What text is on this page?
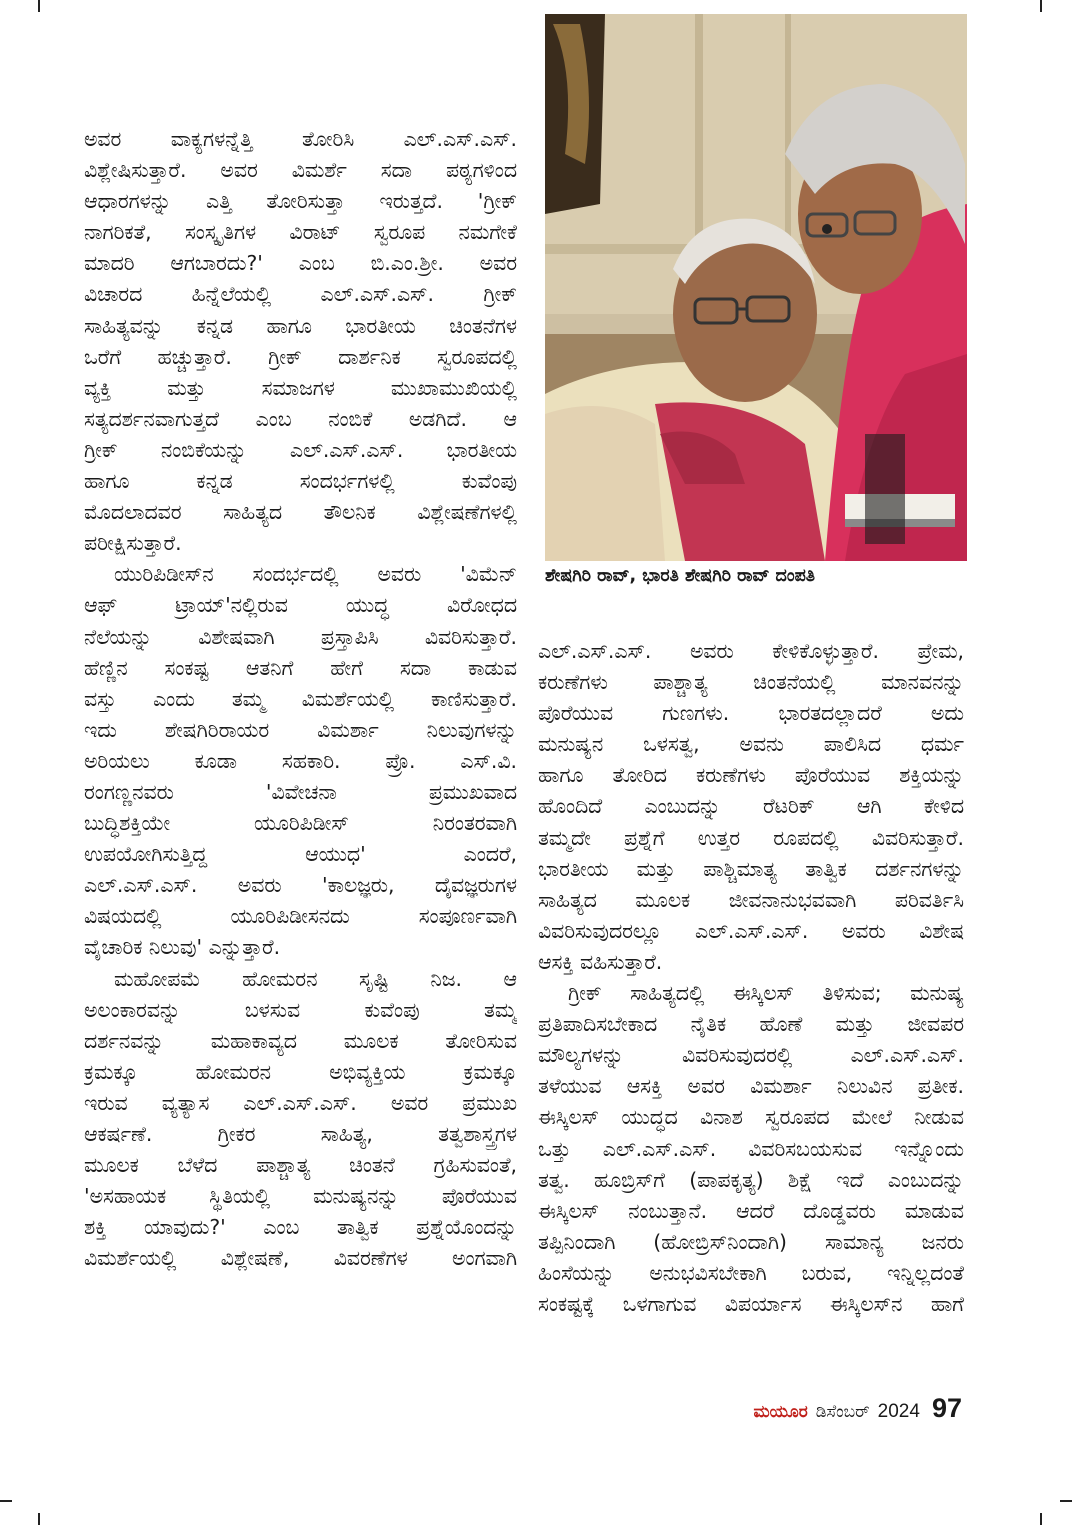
ಅವರ ವಾಕ್ಯಗಳನ್ನೆತ್ತಿ ತೋರಿಸಿ ಎಲ್.ಎಸ್.ಎಸ್.
ವಿಶ್ಲೇಷಿಸುತ್ತಾರೆ. ಅವರ ವಿಮರ್ಶೆ ಸದಾ ಪಠ್ಯಗಳಿಂದ
ಆಧಾರಗಳನ್ನು ಎತ್ತಿ ತೋರಿಸುತ್ತಾ ಇರುತ್ತದೆ. 'ಗ್ರೀಕ್
ನಾಗರಿಕತೆ, ಸಂಸ್ಕೃತಿಗಳ ವಿರಾಟ್ ಸ್ವರೂಪ ನಮಗೇಕೆ
ಮಾದರಿ ಆಗಬಾರದು?' ಎಂಬ ಬಿ.ಎಂ.ಶ್ರೀ. ಅವರ
ವಿಚಾರದ ಹಿನ್ನೆಲೆಯಲ್ಲಿ ಎಲ್.ಎಸ್.ಎಸ್. ಗ್ರೀಕ್
ಸಾಹಿತ್ಯವನ್ನು ಕನ್ನಡ ಹಾಗೂ ಭಾರತೀಯ ಚಿಂತನೆಗಳ
ಒರೆಗೆ ಹಚ್ಚುತ್ತಾರೆ. ಗ್ರೀಕ್ ದಾರ್ಶನಿಕ ಸ್ವರೂಪದಲ್ಲಿ
ವ್ಯಕ್ತಿ ಮತ್ತು ಸಮಾಜಗಳ ಮುಖಾಮುಖಿಯಲ್ಲಿ
ಸತ್ಯದರ್ಶನವಾಗುತ್ತದೆ ಎಂಬ ನಂಬಿಕೆ ಅಡಗಿದೆ. ಆ
ಗ್ರೀಕ್ ನಂಬಿಕೆಯನ್ನು ಎಲ್.ಎಸ್.ಎಸ್. ಭಾರತೀಯ
ಹಾಗೂ ಕನ್ನಡ ಸಂದರ್ಭಗಳಲ್ಲಿ ಕುವೆಂಪು
ಮೊದಲಾದವರ ಸಾಹಿತ್ಯದ ತೌಲನಿಕ ವಿಶ್ಲೇಷಣೆಗಳಲ್ಲಿ
ಪರೀಕ್ಷಿಸುತ್ತಾರೆ.

ಯುರಿಪಿಡೀಸ್‌ನ ಸಂದರ್ಭದಲ್ಲಿ ಅವರು 'ವಿಮೆನ್
ಆಫ್ ಟ್ರಾಯ್'ನಲ್ಲಿರುವ ಯುದ್ಧ ವಿರೋಧದ
ನೆಲೆಯನ್ನು ವಿಶೇಷವಾಗಿ ಪ್ರಸ್ತಾಪಿಸಿ ವಿವರಿಸುತ್ತಾರೆ.
ಹೆಣ್ಣಿನ ಸಂಕಷ್ಟ ಆತನಿಗೆ ಹೇಗೆ ಸದಾ ಕಾಡುವ
ವಸ್ತು ಎಂದು ತಮ್ಮ ವಿಮರ್ಶೆಯಲ್ಲಿ ಕಾಣಿಸುತ್ತಾರೆ.
ಇದು ಶೇಷಗಿರಿರಾಯರ ವಿಮರ್ಶಾ ನಿಲುವುಗಳನ್ನು
ಅರಿಯಲು ಕೂಡಾ ಸಹಕಾರಿ. ಪ್ರೊ. ಎಸ್.ವಿ.
ರಂಗಣ್ಣನವರು 'ವಿವೇಚನಾ ಪ್ರಮುಖವಾದ
ಬುದ್ಧಿಶಕ್ತಿಯೇ ಯೂರಿಪಿಡೀಸ್ ನಿರಂತರವಾಗಿ
ಉಪಯೋಗಿಸುತ್ತಿದ್ದ ಆಯುಧ' ಎಂದರೆ,
ಎಲ್.ಎಸ್.ಎಸ್. ಅವರು 'ಕಾಲಜ್ಞರು, ದೈವಜ್ಞರುಗಳ
ವಿಷಯದಲ್ಲಿ ಯೂರಿಪಿಡೀಸನದು ಸಂಪೂರ್ಣವಾಗಿ
ವೈಚಾರಿಕ ನಿಲುವು' ಎನ್ನುತ್ತಾರೆ.

ಮಹೋಪಮೆ ಹೋಮರನ ಸೃಷ್ಟಿ ನಿಜ. ಆ
ಅಲಂಕಾರವನ್ನು ಬಳಸುವ ಕುವೆಂಪು ತಮ್ಮ
ದರ್ಶನವನ್ನು ಮಹಾಕಾವ್ಯದ ಮೂಲಕ ತೋರಿಸುವ
ಕ್ರಮಕ್ಕೂ ಹೋಮರನ ಅಭಿವ್ಯಕ್ತಿಯ ಕ್ರಮಕ್ಕೂ
ಇರುವ ವ್ಯತ್ಯಾಸ ಎಲ್.ಎಸ್.ಎಸ್. ಅವರ ಪ್ರಮುಖ
ಆಕರ್ಷಣೆ. ಗ್ರೀಕರ ಸಾಹಿತ್ಯ, ತತ್ವಶಾಸ್ತ್ರಗಳ
ಮೂಲಕ ಬೆಳೆದ ಪಾಶ್ಚಾತ್ಯ ಚಿಂತನೆ ಗ್ರಹಿಸುವಂತೆ,
'ಅಸಹಾಯಕ ಸ್ಥಿತಿಯಲ್ಲಿ ಮನುಷ್ಯನನ್ನು ಪೊರೆಯುವ
ಶಕ್ತಿ ಯಾವುದು?' ಎಂಬ ತಾತ್ವಿಕ ಪ್ರಶ್ನೆಯೊಂದನ್ನು
ವಿಮರ್ಶೆಯಲ್ಲಿ ವಿಶ್ಲೇಷಣೆ, ವಿವರಣೆಗಳ ಅಂಗವಾಗಿ

ಶೇಷಗಿರಿ ರಾವ್, ಭಾರತಿ ಶೇಷಗಿರಿ ರಾವ್ ದಂಪತಿ

ಎಲ್.ಎಸ್.ಎಸ್. ಅವರು ಕೇಳಿಕೊಳ್ಳುತ್ತಾರೆ. ಪ್ರೇಮ,
ಕರುಣೆಗಳು ಪಾಶ್ಚಾತ್ಯ ಚಿಂತನೆಯಲ್ಲಿ ಮಾನವನನ್ನು
ಪೊರೆಯುವ ಗುಣಗಳು. ಭಾರತದಲ್ಲಾದರೆ ಅದು
ಮನುಷ್ಯನ ಒಳಸತ್ವ, ಅವನು ಪಾಲಿಸಿದ ಧರ್ಮ
ಹಾಗೂ ತೋರಿದ ಕರುಣೆಗಳು ಪೊರೆಯುವ ಶಕ್ತಿಯನ್ನು
ಹೊಂದಿದೆ ಎಂಬುದನ್ನು ರೆಟರಿಕ್ ಆಗಿ ಕೇಳಿದ
ತಮ್ಮದೇ ಪ್ರಶ್ನೆಗೆ ಉತ್ತರ ರೂಪದಲ್ಲಿ ವಿವರಿಸುತ್ತಾರೆ.
ಭಾರತೀಯ ಮತ್ತು ಪಾಶ್ಚಿಮಾತ್ಯ ತಾತ್ವಿಕ ದರ್ಶನಗಳನ್ನು
ಸಾಹಿತ್ಯದ ಮೂಲಕ ಜೀವನಾನುಭವವಾಗಿ ಪರಿವರ್ತಿಸಿ
ವಿವರಿಸುವುದರಲ್ಲೂ ಎಲ್.ಎಸ್.ಎಸ್. ಅವರು ವಿಶೇಷ
ಆಸಕ್ತಿ ವಹಿಸುತ್ತಾರೆ.

ಗ್ರೀಕ್ ಸಾಹಿತ್ಯದಲ್ಲಿ ಈಸ್ಕಿಲಸ್ ತಿಳಿಸುವ; ಮನುಷ್ಯ
ಪ್ರತಿಪಾದಿಸಬೇಕಾದ ನೈತಿಕ ಹೊಣೆ ಮತ್ತು ಜೀವಪರ
ಮೌಲ್ಯಗಳನ್ನು ವಿವರಿಸುವುದರಲ್ಲಿ ಎಲ್.ಎಸ್.ಎಸ್.
ತಳೆಯುವ ಆಸಕ್ತಿ ಅವರ ವಿಮರ್ಶಾ ನಿಲುವಿನ ಪ್ರತೀಕ.
ಈಸ್ಕಿಲಸ್ ಯುದ್ಧದ ವಿನಾಶ ಸ್ವರೂಪದ ಮೇಲೆ ನೀಡುವ
ಒತ್ತು ಎಲ್.ಎಸ್.ಎಸ್. ವಿವರಿಸಬಯಸುವ ಇನ್ನೊಂದು
ತತ್ವ. ಹೂಬ್ರಿಸ್‌ಗೆ (ಪಾಪಕೃತ್ಯ) ಶಿಕ್ಷೆ ಇದೆ ಎಂಬುದನ್ನು
ಈಸ್ಕಿಲಸ್ ನಂಬುತ್ತಾನೆ. ಆದರೆ ದೊಡ್ಡವರು ಮಾಡುವ
ತಪ್ಪಿನಿಂದಾಗಿ (ಹೋಬ್ರಿಸ್‌ನಿಂದಾಗಿ) ಸಾಮಾನ್ಯ ಜನರು
ಹಿಂಸೆಯನ್ನು ಅನುಭವಿಸಬೇಕಾಗಿ ಬರುವ, ಇನ್ನಿಲ್ಲದಂತೆ
ಸಂಕಷ್ಟಕ್ಕೆ ಒಳಗಾಗುವ ವಿಪರ್ಯಾಸ ಈಸ್ಕಿಲಸ್‌ನ ಹಾಗೆ

ಮಯೂರ ಡಿಸೆಂಬರ್ 2024 97
